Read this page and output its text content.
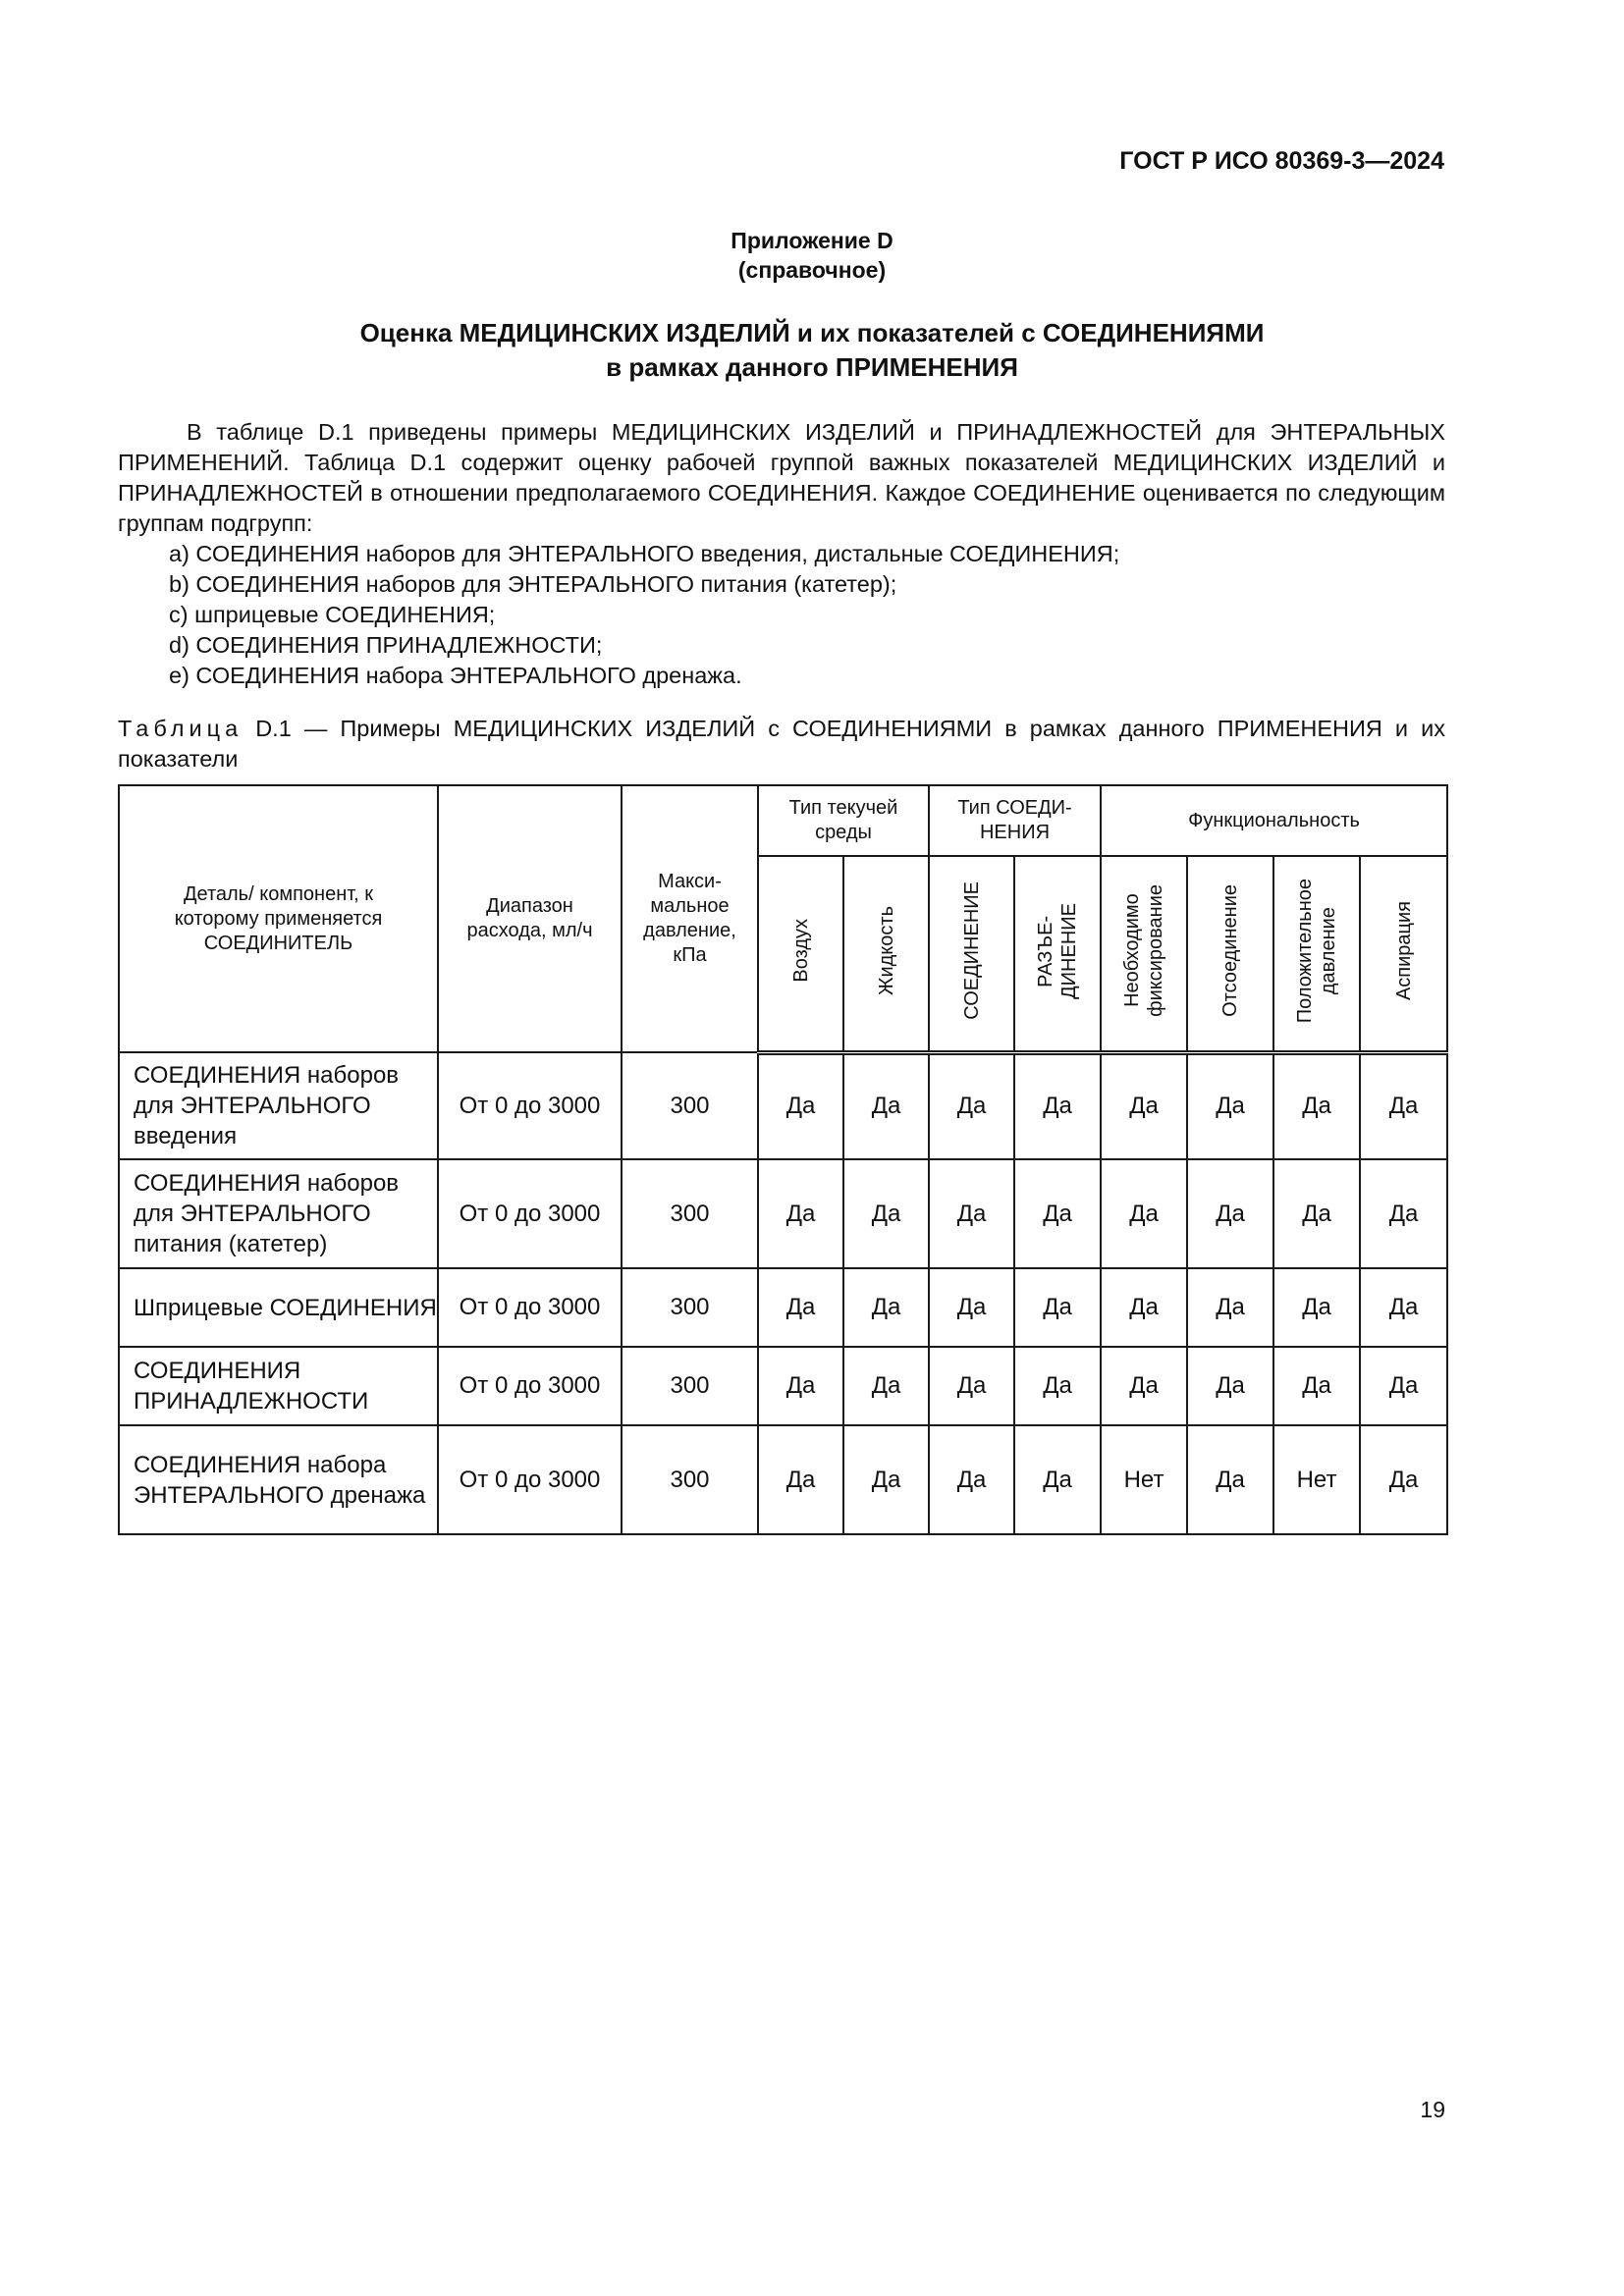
ГОСТ Р ИСО 80369-3—2024
Приложение D
(справочное)
Оценка МЕДИЦИНСКИХ ИЗДЕЛИЙ и их показателей с СОЕДИНЕНИЯМИ
в рамках данного ПРИМЕНЕНИЯ

В таблице D.1 приведены примеры МЕДИЦИНСКИХ ИЗДЕЛИЙ и ПРИНАДЛЕЖНОСТЕЙ для ЭНТЕРАЛЬНЫХ ПРИМЕНЕНИЙ. Таблица D.1 содержит оценку рабочей группой важных показателей МЕДИЦИНСКИХ ИЗДЕЛИЙ и ПРИНАДЛЕЖНОСТЕЙ в отношении предполагаемого СОЕДИНЕНИЯ. Каждое СОЕДИНЕНИЕ оценивается по следующим группам подгрупп:

a) СОЕДИНЕНИЯ наборов для ЭНТЕРАЛЬНОГО введения, дистальные СОЕДИНЕНИЯ;
b) СОЕДИНЕНИЯ наборов для ЭНТЕРАЛЬНОГО питания (катетер);
c) шприцевые СОЕДИНЕНИЯ;
d) СОЕДИНЕНИЯ ПРИНАДЛЕЖНОСТИ;
e) СОЕДИНЕНИЯ набора ЭНТЕРАЛЬНОГО дренажа.

Таблица D.1 — Примеры МЕДИЦИНСКИХ ИЗДЕЛИЙ с СОЕДИНЕНИЯМИ в рамках данного ПРИМЕНЕНИЯ и их показатели

Деталь/ компонент, к которому применяется СОЕДИНИТЕЛЬ	Диапазон расхода, мл/ч	Макси-мальное давление, кПа	Тип текучей среды		Тип СОЕДИ-НЕНИЯ		Функциональность			
			Воздух	Жидкость	СОЕДИНЕНИЕ	РАЗЪЕ- ДИНЕНИЕ	Необходимо фиксирование	Отсоединение	Положительное давление	Аспирация
СОЕДИНЕНИЯ наборов для ЭНТЕРАЛЬНОГО введения	От 0 до 3000	300	Да	Да	Да	Да	Да	Да	Да	Да
СОЕДИНЕНИЯ наборов для ЭНТЕРАЛЬНОГО питания (катетер)	От 0 до 3000	300	Да	Да	Да	Да	Да	Да	Да	Да
Шприцевые СОЕДИНЕНИЯ	От 0 до 3000	300	Да	Да	Да	Да	Да	Да	Да	Да
СОЕДИНЕНИЯ ПРИНАДЛЕЖНОСТИ	От 0 до 3000	300	Да	Да	Да	Да	Да	Да	Да	Да
СОЕДИНЕНИЯ набора ЭНТЕРАЛЬНОГО дренажа	От 0 до 3000	300	Да	Да	Да	Да	Нет	Да	Нет	Да
19
